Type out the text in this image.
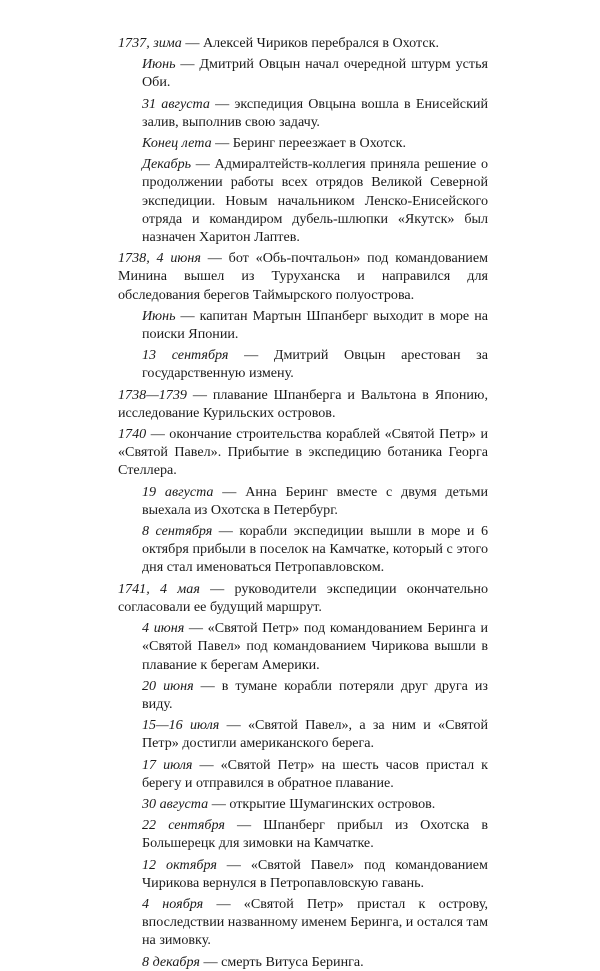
1737, зима — Алексей Чириков перебрался в Охотск.

Июнь — Дмитрий Овцын начал очередной штурм устья Оби.

31 августа — экспедиция Овцына вошла в Енисейский залив, выполнив свою задачу.

Конец лета — Беринг переезжает в Охотск.

Декабрь — Адмиралтейств-коллегия приняла решение о продолжении работы всех отрядов Великой Северной экспедиции. Новым начальником Ленско-Енисейского отряда и командиром дубель-шлюпки «Якутск» был назначен Харитон Лаптев.

1738, 4 июня — бот «Обь-почтальон» под командованием Минина вышел из Туруханска и направился для обследования берегов Таймырского полуострова.

Июнь — капитан Мартын Шпанберг выходит в море на поиски Японии.

13 сентября — Дмитрий Овцын арестован за государственную измену.

1738—1739 — плавание Шпанберга и Вальтона в Японию, исследование Курильских островов.

1740 — окончание строительства кораблей «Святой Петр» и «Святой Павел». Прибытие в экспедицию ботаника Георга Стеллера.

19 августа — Анна Беринг вместе с двумя детьми выехала из Охотска в Петербург.

8 сентября — корабли экспедиции вышли в море и 6 октября прибыли в поселок на Камчатке, который с этого дня стал именоваться Петропавловском.

1741, 4 мая — руководители экспедиции окончательно согласовали ее будущий маршрут.

4 июня — «Святой Петр» под командованием Беринга и «Святой Павел» под командованием Чирикова вышли в плавание к берегам Америки.

20 июня — в тумане корабли потеряли друг друга из виду.

15—16 июля — «Святой Павел», а за ним и «Святой Петр» достигли американского берега.

17 июля — «Святой Петр» на шесть часов пристал к берегу и отправился в обратное плавание.

30 августа — открытие Шумагинских островов.

22 сентября — Шпанберг прибыл из Охотска в Большерецк для зимовки на Камчатке.

12 октября — «Святой Павел» под командованием Чирикова вернулся в Петропавловскую гавань.

4 ноября — «Святой Петр» пристал к острову, впоследствии названному именем Беринга, и остался там на зимовку.

8 декабря — смерть Витуса Беринга.
